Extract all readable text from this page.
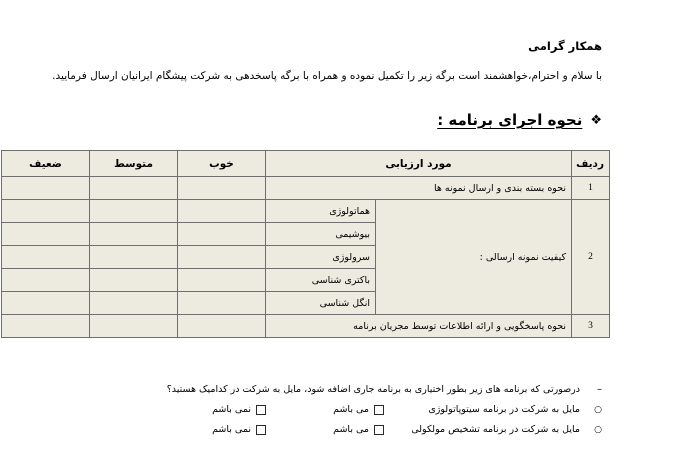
همکار گرامی
با سلام و احترام،خواهشمند است برگه زیر را تکمیل نموده و همراه با برگه پاسخدهی به شرکت پیشگام ایرانیان ارسال فرمایید.
❖
نحوه اجرای برنامه :
ردیف	مورد ارزیابی		خوب	متوسط	ضعیف
1	نحوه بسته بندی و ارسال نمونه ها				
2	کیفیت نمونه ارسالی :	هماتولوژی			
		بیوشیمی			
		سرولوژی			
		باکتری شناسی			
		انگل شناسی			
3	نحوه پاسخگویی و ارائه اطلاعات توسط مجریان برنامه				
–
درصورتی که برنامه های زیر بطور اختیاری به برنامه جاری اضافه شود، مایل به شرکت در کدامیک هستید؟
○
مایل به شرکت در برنامه سیتوپاتولوژی
می باشم
نمی باشم
○
مایل به شرکت در برنامه تشخیص مولکولی
می باشم
نمی باشم
